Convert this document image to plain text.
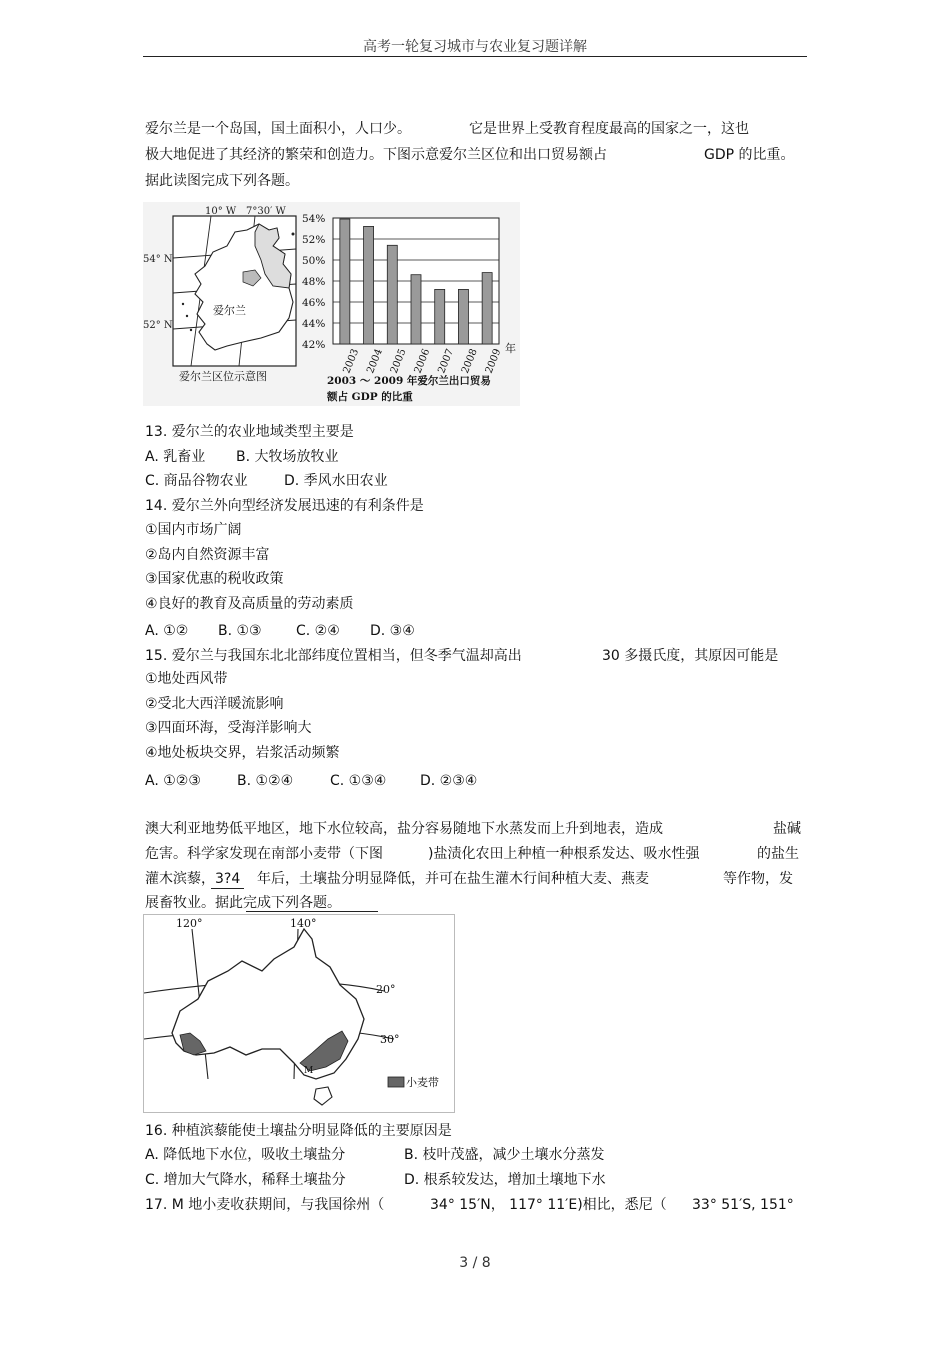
高考一轮复习城市与农业复习题详解
爱尔兰是一个岛国，国土面积小，人口少。	它是世界上受教育程度最高的国家之一，这也
极大地促进了其经济的繁荣和创造力。下图示意爱尔兰区位和出口贸易额占	GDP 的比重。
据此读图完成下列各题。
10° W 7°30′ W
54° N
52° N
爱尔兰
爱尔兰区位示意图
54%
52%
50%
48%
46%
44%
42%
2003 2004 2005 2006 2007 2008 2009 年
2003 ～ 2009 年爱尔兰出口贸易
额占 GDP 的比重
13. 爱尔兰的农业地域类型主要是
A. 乳畜业 B. 大牧场放牧业
C. 商品谷物农业	D. 季风水田农业
14. 爱尔兰外向型经济发展迅速的有利条件是
①国内市场广阔
②岛内自然资源丰富
③国家优惠的税收政策
④良好的教育及高质量的劳动素质
A. ①② B. ①③ C. ②④ D. ③④
15. 爱尔兰与我国东北北部纬度位置相当，但冬季气温却高出	30 多摄氏度，其原因可能是
①地处西风带
②受北大西洋暖流影响
③四面环海，受海洋影响大
④地处板块交界，岩浆活动频繁
A. ①②③	B. ①②④	C. ①③④ D. ②③④
澳大利亚地势低平地区，地下水位较高，盐分容易随地下水蒸发而上升到地表，造成	盐碱
危害。科学家发现在南部小麦带（下图	)盐渍化农田上种植一种根系发达、吸水性强	的盐生
灌木滨藜， 3?4 年后，土壤盐分明显降低，并可在盐生灌木行间种植大麦、燕麦	等作物，发
展畜牧业。据此完成下列各题。
M
120°	140°
20°
30°
小麦带
16. 种植滨藜能使土壤盐分明显降低的主要原因是
A. 降低地下水位，吸收土壤盐分	B. 枝叶茂盛，减少土壤水分蒸发
C. 增加大气降水，稀释土壤盐分	D. 根系较发达，增加土壤地下水
17. M 地小麦收获期间，与我国徐州（	34° 15′N， 117° 11′E)相比，悉尼（ 33° 51′S, 151°
3 / 8
